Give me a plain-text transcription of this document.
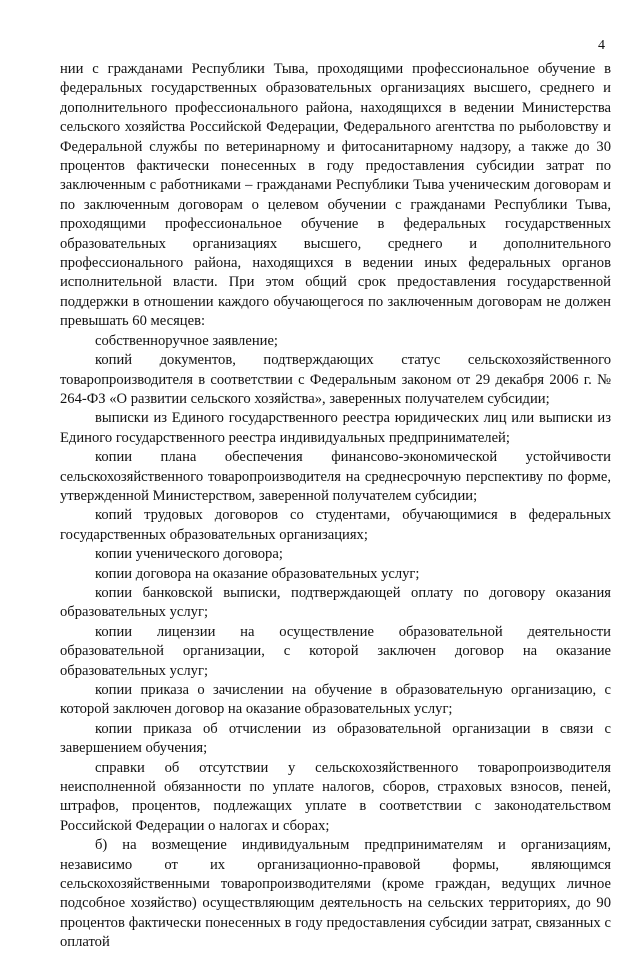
4

нии с гражданами Республики Тыва, проходящими профессиональное обучение в федеральных государственных образовательных организациях высшего, среднего и дополнительного профессионального района, находящихся в ведении Министерства сельского хозяйства Российской Федерации, Федерального агентства по рыболовству и Федеральной службы по ветеринарному и фитосанитарному надзору, а также до 30 процентов фактически понесенных в году предоставления субсидии затрат по заключенным с работниками – гражданами Республики Тыва ученическим договорам и по заключенным договорам о целевом обучении с гражданами Республики Тыва, проходящими профессиональное обучение в федеральных государственных образовательных организациях высшего, среднего и дополнительного профессионального района, находящихся в ведении иных федеральных органов исполнительной власти. При этом общий срок предоставления государственной поддержки в отношении каждого обучающегося по заключенным договорам не должен превышать 60 месяцев:

собственноручное заявление;

копий документов, подтверждающих статус сельскохозяйственного товаропроизводителя в соответствии с Федеральным законом от 29 декабря 2006 г. № 264-ФЗ «О развитии сельского хозяйства», заверенных получателем субсидии;

выписки из Единого государственного реестра юридических лиц или выписки из Единого государственного реестра индивидуальных предпринимателей;

копии плана обеспечения финансово-экономической устойчивости сельскохозяйственного товаропроизводителя на среднесрочную перспективу по форме, утвержденной Министерством, заверенной получателем субсидии;

копий трудовых договоров со студентами, обучающимися в федеральных государственных образовательных организациях;

копии ученического договора;

копии договора на оказание образовательных услуг;

копии банковской выписки, подтверждающей оплату по договору оказания образовательных услуг;

копии лицензии на осуществление образовательной деятельности образовательной организации, с которой заключен договор на оказание образовательных услуг;

копии приказа о зачислении на обучение в образовательную организацию, с которой заключен договор на оказание образовательных услуг;

копии приказа об отчислении из образовательной организации в связи с завершением обучения;

справки об отсутствии у сельскохозяйственного товаропроизводителя неисполненной обязанности по уплате налогов, сборов, страховых взносов, пеней, штрафов, процентов, подлежащих уплате в соответствии с законодательством Российской Федерации о налогах и сборах;

б) на возмещение индивидуальным предпринимателям и организациям, независимо от их организационно-правовой формы, являющимся сельскохозяйственными товаропроизводителями (кроме граждан, ведущих личное подсобное хозяйство) осуществляющим деятельность на сельских территориях, до 90 процентов фактически понесенных в году предоставления субсидии затрат, связанных с оплатой
